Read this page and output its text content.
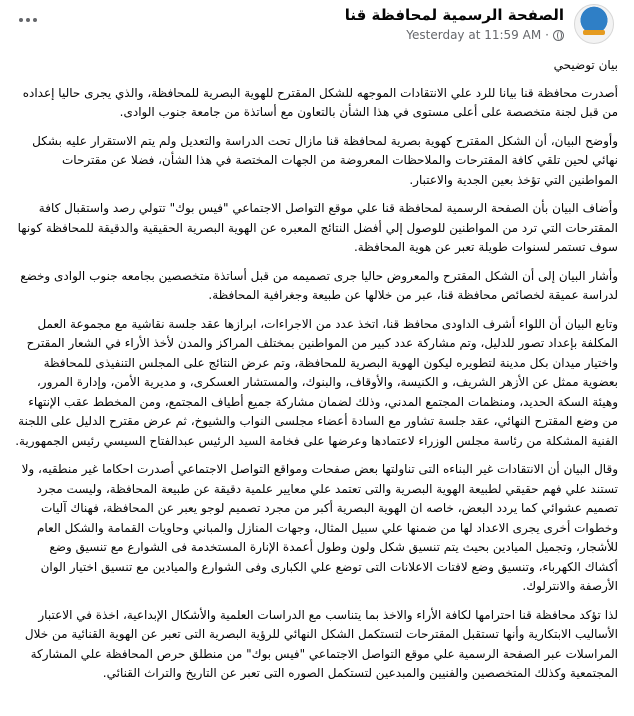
الصفحة الرسمية لمحافظة قنا
Yesterday at 11:59 AM ·

بيان توضيحي

أصدرت محافظة قنا بيانا للرد علي الانتقادات الموجهه للشكل المقترح للهوية البصرية للمحافظة، والذي يجرى حاليا إعداده من قبل لجنة متخصصة على أعلى مستوى في هذا الشأن بالتعاون مع أساتذة من جامعة جنوب الوادى.

وأوضح البيان، أن الشكل المقترح كهوية بصرية لمحافظة قنا مازال تحت الدراسة والتعديل ولم يتم الاستقرار عليه بشكل نهائي لحين تلقي كافة المقترحات والملاحظات المعروضة من الجهات المختصة في هذا الشأن، فضلا عن مقترحات المواطنين التي تؤخذ بعين الجدية والاعتبار.

وأضاف البيان بأن الصفحة الرسمية لمحافظة قنا علي موقع التواصل الاجتماعي "فيس بوك" تتولي رصد واستقبال كافة المقترحات التي ترد من المواطنين للوصول إلي أفضل النتائج المعبره عن الهوية البصرية الحقيقية والدقيقة للمحافظة كونها سوف تستمر لسنوات طويلة تعبر عن هوية المحافظة.

وأشار البيان إلى أن الشكل المقترح والمعروض حاليا جرى تصميمه من قبل أساتذة متخصصين بجامعه جنوب الوادى وخضع لدراسة عميقة لخصائص محافظة قنا، عبر من خلالها عن طبيعة وجغرافية المحافظة.

وتابع البيان أن اللواء أشرف الداودى محافظ قنا، اتخذ عدد من الاجراءات، ابرازها عقد جلسة نقاشية مع مجموعة العمل المكلفة بإعداد تصور للدليل، وتم مشاركة عدد كبير من المواطنين بمختلف المراكز والمدن لأخذ الأراء في الشعار المقترح واختيار ميدان بكل مدينة لتطويره ليكون الهوية البصرية للمحافظة، وتم عرض النتائج على المجلس التنفيذى للمحافظة بعضوية ممثل عن الأزهر الشريف، و الكنيسة، والأوقاف، والبنوك، والمستشار العسكرى، و مديرية الأمن، وإدارة المرور، وهيئة السكة الحديد، ومنظمات المجتمع المدني، وذلك لضمان مشاركة جميع أطياف المجتمع، ومن المخطط عقب الإنتهاء من وضع المقترح النهائي، عقد جلسة تشاور مع السادة أعضاء مجلسى النواب والشيوخ، ثم عرض مقترح الدليل على اللجنة الفنية المشكلة من رئاسة مجلس الوزراء لاعتمادها وعرضها على فخامة السيد الرئيس عبدالفتاح السيسي رئيس الجمهورية.

وقال البيان أن الانتقادات غير البناءه التى تناولتها بعض صفحات ومواقع التواصل الاجتماعي أصدرت احكاما غير منطقيه، ولا تستند علي فهم حقيقي لطبيعة الهوية البصرية والتى تعتمد علي معايير علمية دقيقة عن طبيعة المحافظة، وليست مجرد تصميم عشوائي كما يردد البعض، خاصه ان الهوية البصرية أكبر من مجرد تصميم لوجو يعبر عن المحافظة، فهناك آليات وخطوات أخرى يجرى الاعداد لها من ضمنها علي سبيل المثال، وجهات المنازل والمباني وحاويات القمامة والشكل العام للأشجار، وتجميل الميادين بحيث يتم تنسيق شكل ولون وطول أعمدة الإنارة المستخدمة فى الشوارع مع تنسيق وضع أكشاك الكهرباء، وتنسيق وضع لافتات الاعلانات التى توضع علي الكبارى وفى الشوارع والميادين مع تنسيق اختيار الوان الأرصفة والانترلوك.

لذا تؤكد محافظة قنا احترامها لكافة الأراء والاخذ بما يتناسب مع الدراسات العلمية والأشكال الإبداعية، اخذة في الاعتبار الأساليب الابتكارية وأنها تستقبل المقترحات لتستكمل الشكل النهائي للرؤية البصرية التى تعبر عن الهوية القنائية من خلال المراسلات عبر الصفحة الرسمية علي موقع التواصل الاجتماعي "فيس بوك" من منطلق حرص المحافظة علي المشاركة المجتمعية وكذلك المتخصصين والفنيين والمبدعين لتستكمل الصوره التى تعبر عن التاريخ والتراث القنائي.
